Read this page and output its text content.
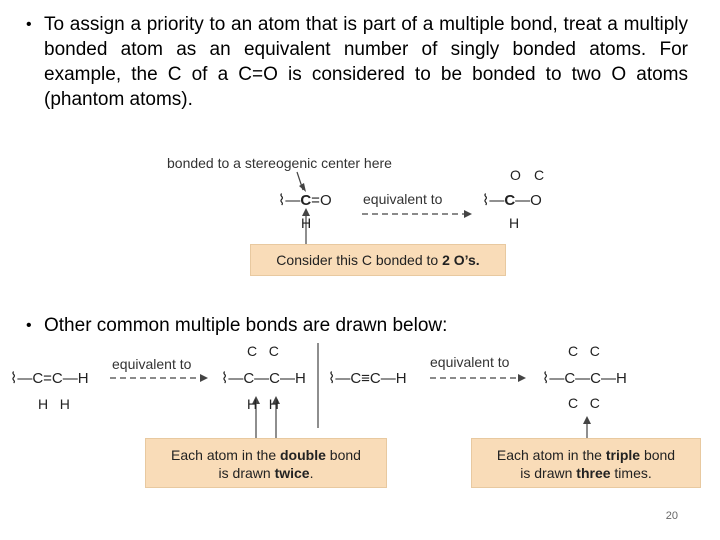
• To assign a priority to an atom that is part of a multiple bond, treat a multiply bonded atom as an equivalent number of singly bonded atoms. For example, the C of a C=O is considered to be bonded to two O atoms (phantom atoms).
bonded to a stereogenic center here
equivalent to
⌇—C=O
H
O C
⌇—C—O
H
Consider this C bonded to 2 O’s.
• Other common multiple bonds are drawn below:
equivalent to	equivalent to
⌇—C=C—H
H   H
C   C
⌇—C—C—H
H   H
⌇—C≡C—H
C   C
⌇—C—C—H
C   C
Each atom in the double bond
is drawn twice.
Each atom in the triple bond
is drawn three times.
20
